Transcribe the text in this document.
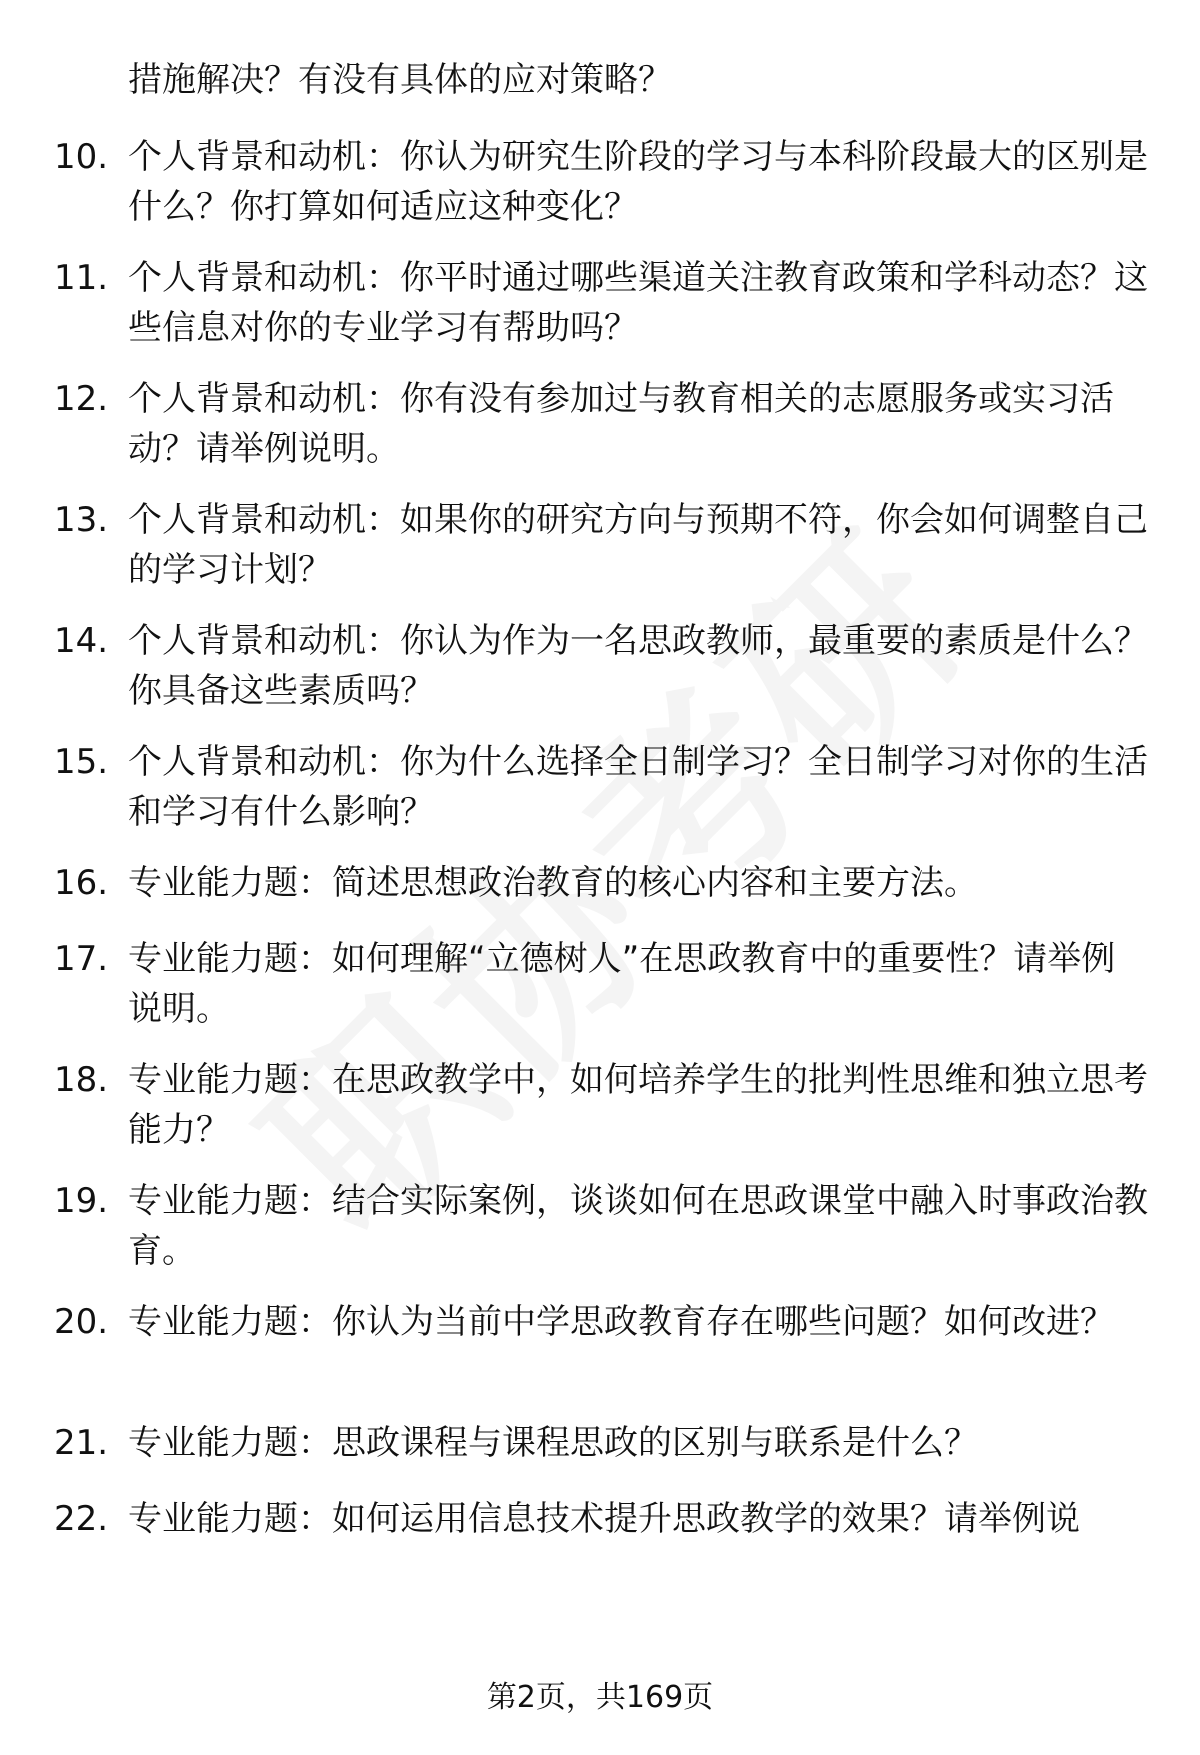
措施解决？有没有具体的应对策略？
10. 个人背景和动机：你认为研究生阶段的学习与本科阶段最大的区别是什么？你打算如何适应这种变化？
11. 个人背景和动机：你平时通过哪些渠道关注教育政策和学科动态？这些信息对你的专业学习有帮助吗？
12. 个人背景和动机：你有没有参加过与教育相关的志愿服务或实习活动？请举例说明。
13. 个人背景和动机：如果你的研究方向与预期不符，你会如何调整自己的学习计划？
14. 个人背景和动机：你认为作为一名思政教师，最重要的素质是什么？你具备这些素质吗？
15. 个人背景和动机：你为什么选择全日制学习？全日制学习对你的生活和学习有什么影响？
16. 专业能力题：简述思想政治教育的核心内容和主要方法。
17. 专业能力题：如何理解“立德树人”在思政教育中的重要性？请举例说明。
18. 专业能力题：在思政教学中，如何培养学生的批判性思维和独立思考能力？
19. 专业能力题：结合实际案例，谈谈如何在思政课堂中融入时事政治教育。
20. 专业能力题：你认为当前中学思政教育存在哪些问题？如何改进？
21. 专业能力题：思政课程与课程思政的区别与联系是什么？
22. 专业能力题：如何运用信息技术提升思政教学的效果？请举例说
第2页，共169页
